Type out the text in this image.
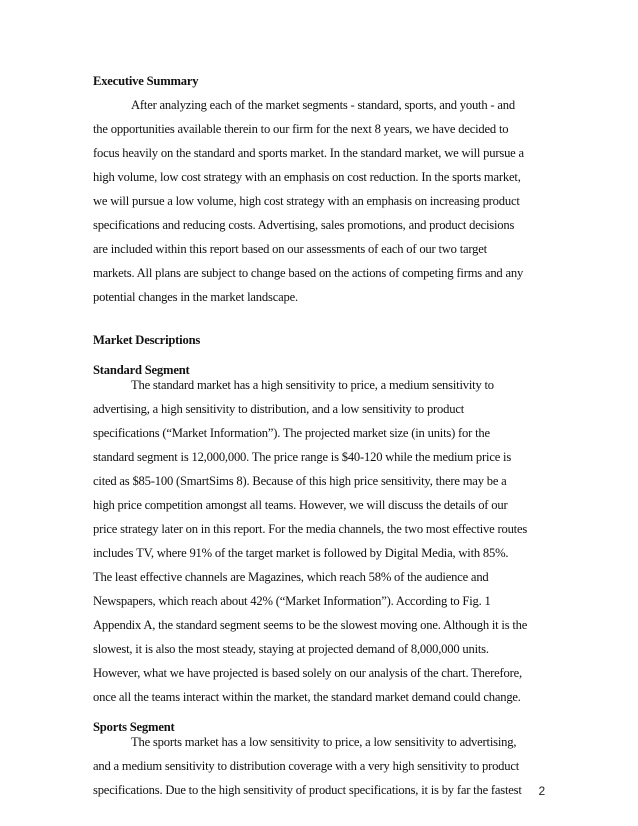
Executive Summary

After analyzing each of the market segments - standard, sports, and youth - and
the opportunities available therein to our firm for the next 8 years, we have decided to
focus heavily on the standard and sports market. In the standard market, we will pursue a
high volume, low cost strategy with an emphasis on cost reduction. In the sports market,
we will pursue a low volume, high cost strategy with an emphasis on increasing product
specifications and reducing costs. Advertising, sales promotions, and product decisions
are included within this report based on our assessments of each of our two target
markets. All plans are subject to change based on the actions of competing firms and any
potential changes in the market landscape.

Market Descriptions

Standard Segment

The standard market has a high sensitivity to price, a medium sensitivity to
advertising, a high sensitivity to distribution, and a low sensitivity to product
specifications (“Market Information”). The projected market size (in units) for the
standard segment is 12,000,000. The price range is $40-120 while the medium price is
cited as $85-100 (SmartSims 8). Because of this high price sensitivity, there may be a
high price competition amongst all teams. However, we will discuss the details of our
price strategy later on in this report. For the media channels, the two most effective routes
includes TV, where 91% of the target market is followed by Digital Media, with 85%.
The least effective channels are Magazines, which reach 58% of the audience and
Newspapers, which reach about 42% (“Market Information”). According to Fig. 1
Appendix A, the standard segment seems to be the slowest moving one. Although it is the
slowest, it is also the most steady, staying at projected demand of 8,000,000 units.
However, what we have projected is based solely on our analysis of the chart. Therefore,
once all the teams interact within the market, the standard market demand could change.

Sports Segment

The sports market has a low sensitivity to price, a low sensitivity to advertising,
and a medium sensitivity to distribution coverage with a very high sensitivity to product
specifications. Due to the high sensitivity of product specifications, it is by far the fastest	2
